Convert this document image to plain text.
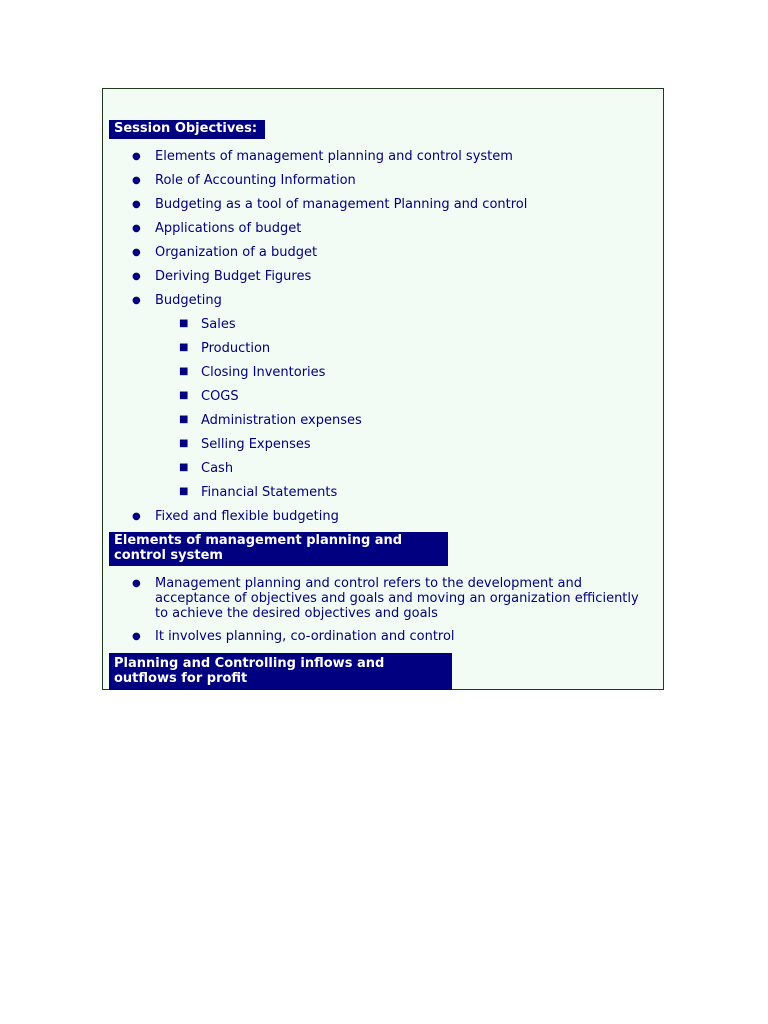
Session Objectives:
● Elements of management planning and control system
● Role of Accounting Information
● Budgeting as a tool of management Planning and control
● Applications of budget
● Organization of a budget
● Deriving Budget Figures
● Budgeting
■ Sales
■ Production
■ Closing Inventories
■ COGS
■ Administration expenses
■ Selling Expenses
■ Cash
■ Financial Statements
● Fixed and flexible budgeting
Elements of management planning and
control system
● Management planning and control refers to the development and acceptance of objectives and goals and moving an organization efficiently to achieve the desired objectives and goals
● It involves planning, co-ordination and control
Planning and Controlling inflows and
outflows for profit
